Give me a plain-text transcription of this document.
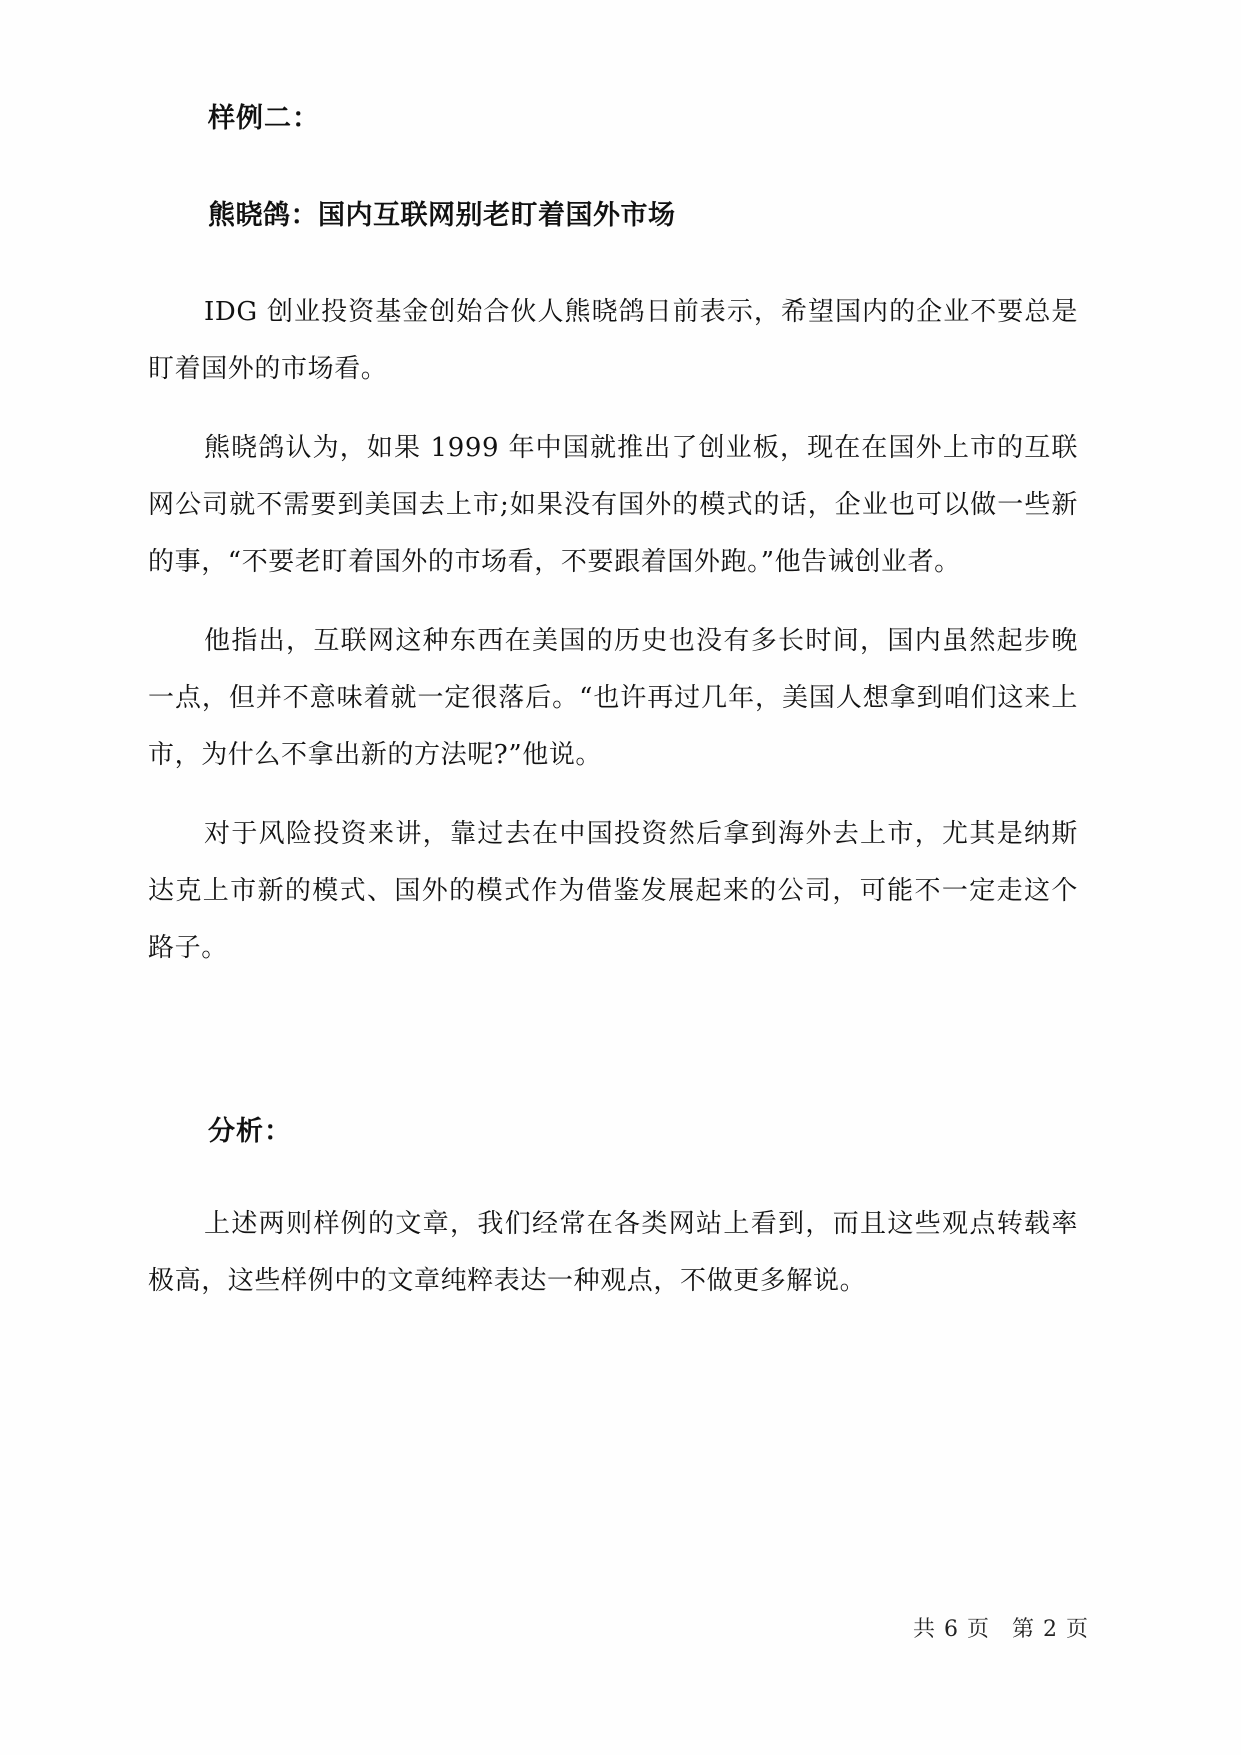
样例二：
熊晓鸽：国内互联网别老盯着国外市场

IDG 创业投资基金创始合伙人熊晓鸽日前表示，希望国内的企业不要总是盯着国外的市场看。

熊晓鸽认为，如果 1999 年中国就推出了创业板，现在在国外上市的互联网公司就不需要到美国去上市;如果没有国外的模式的话，企业也可以做一些新的事，“不要老盯着国外的市场看，不要跟着国外跑。”他告诫创业者。

他指出，互联网这种东西在美国的历史也没有多长时间，国内虽然起步晚一点，但并不意味着就一定很落后。“也许再过几年，美国人想拿到咱们这来上市，为什么不拿出新的方法呢?”他说。

对于风险投资来讲，靠过去在中国投资然后拿到海外去上市，尤其是纳斯达克上市新的模式、国外的模式作为借鉴发展起来的公司，可能不一定走这个路子。

分析：

上述两则样例的文章，我们经常在各类网站上看到，而且这些观点转载率极高，这些样例中的文章纯粹表达一种观点，不做更多解说。

共 6 页 第 2 页
